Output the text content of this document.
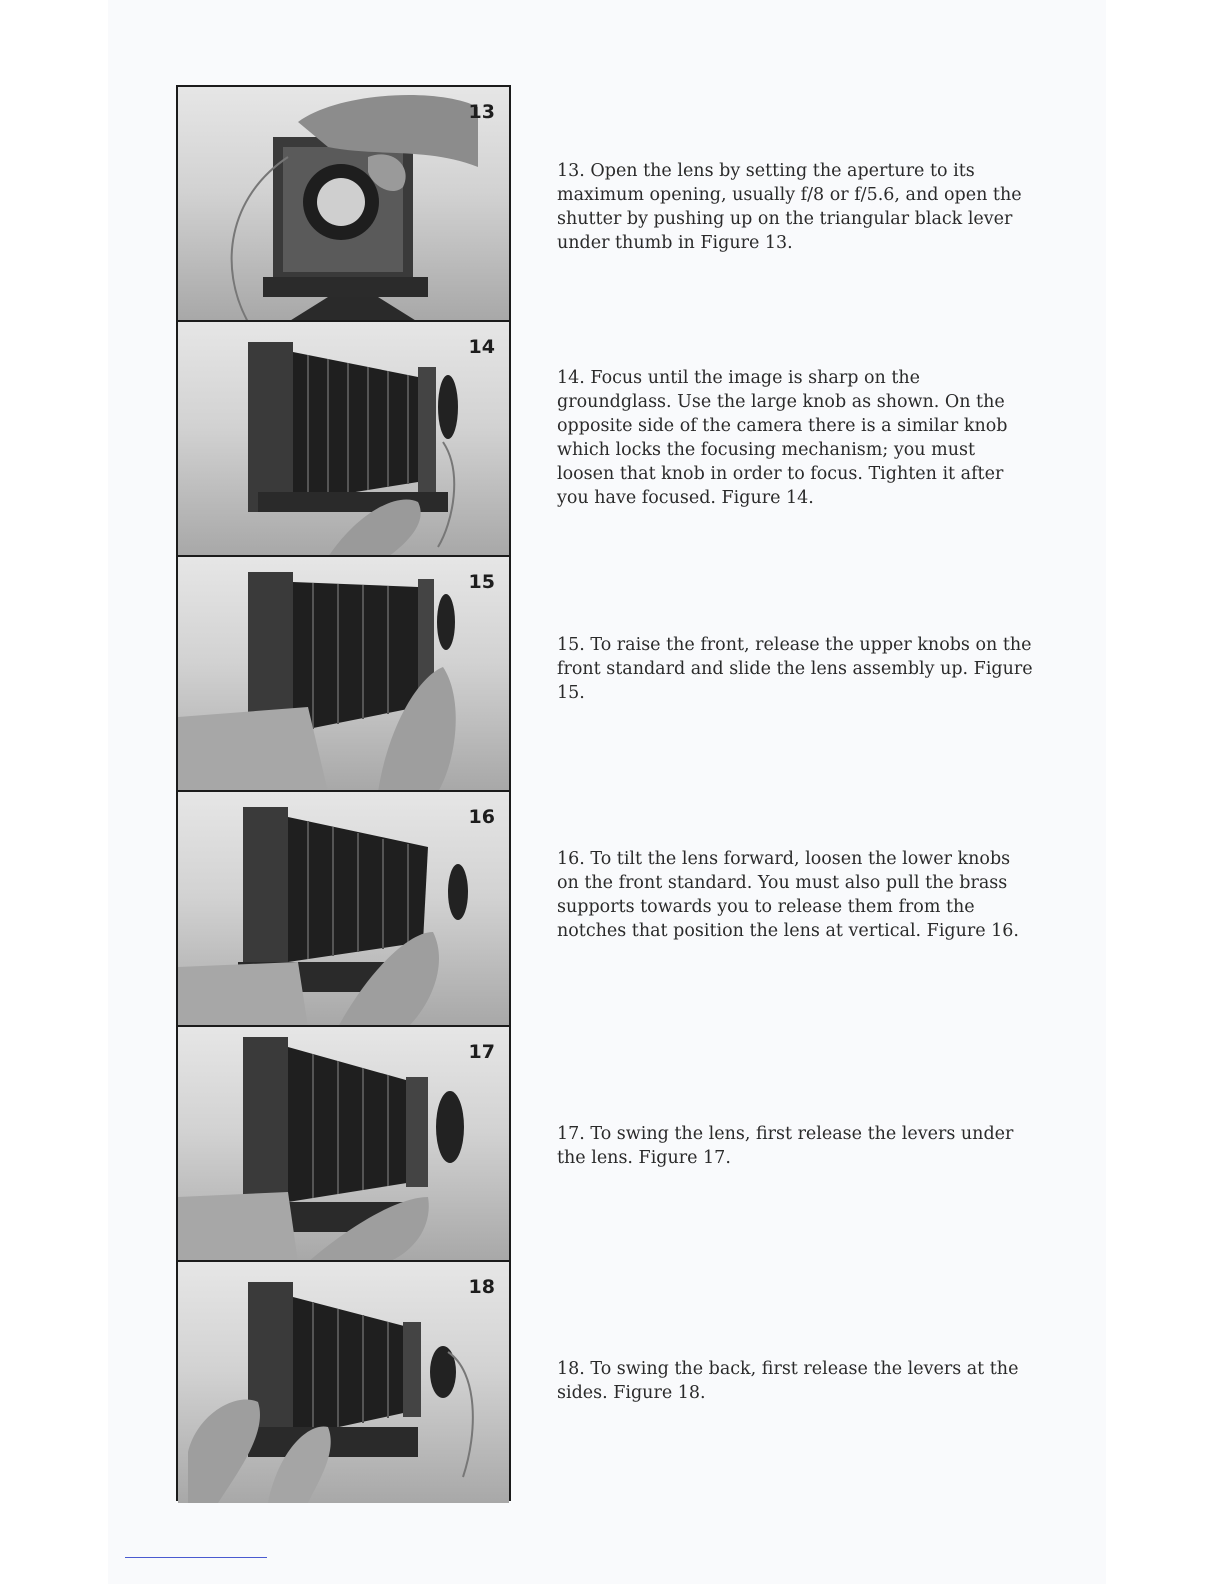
13
14
15
16
17
18

13. Open the lens by setting the aperture to its maximum opening, usually f/8 or f/5.6, and open the shutter by pushing up on the triangular black lever under thumb in Figure 13.

14. Focus until the image is sharp on the groundglass. Use the large knob as shown. On the opposite side of the camera there is a similar knob which locks the focusing mechanism; you must loosen that knob in order to focus. Tighten it after you have focused. Figure 14.

15. To raise the front, release the upper knobs on the front standard and slide the lens assembly up. Figure 15.

16. To tilt the lens forward, loosen the lower knobs on the front standard. You must also pull the brass supports towards you to release them from the notches that position the lens at vertical. Figure 16.

17. To swing the lens, first release the levers under the lens. Figure 17.

18. To swing the back, first release the levers at the sides. Figure 18.
